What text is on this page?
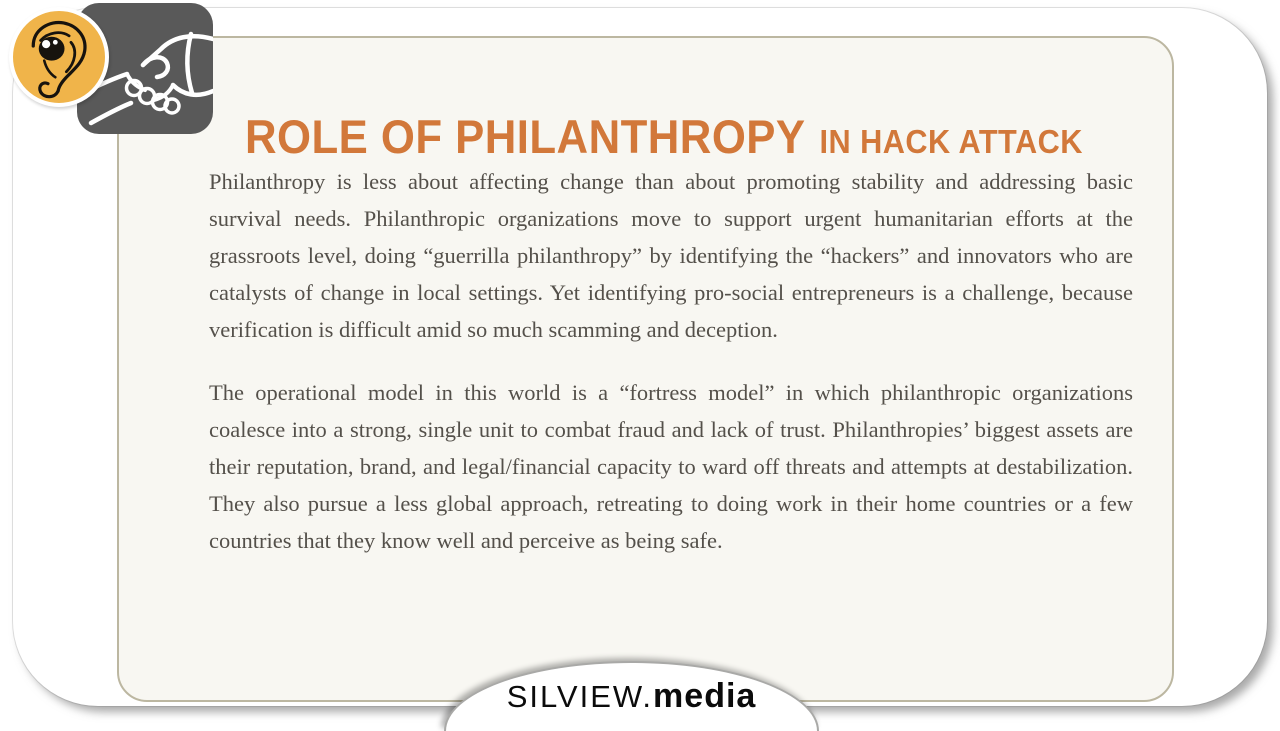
ROLE OF PHILANTHROPY IN HACK ATTACK

Philanthropy is less about affecting change than about promoting stability and addressing basic survival needs. Philanthropic organizations move to support urgent humanitarian efforts at the grassroots level, doing “guerrilla philanthropy” by identifying the “hackers” and innovators who are catalysts of change in local settings. Yet identifying pro-social entrepreneurs is a challenge, because verification is difficult amid so much scamming and deception.

The operational model in this world is a “fortress model” in which philanthropic organizations coalesce into a strong, single unit to combat fraud and lack of trust. Philanthropies’ biggest assets are their reputation, brand, and legal/financial capacity to ward off threats and attempts at destabilization. They also pursue a less global approach, retreating to doing work in their home countries or a few countries that they know well and perceive as being safe.

SILVIEW.media
